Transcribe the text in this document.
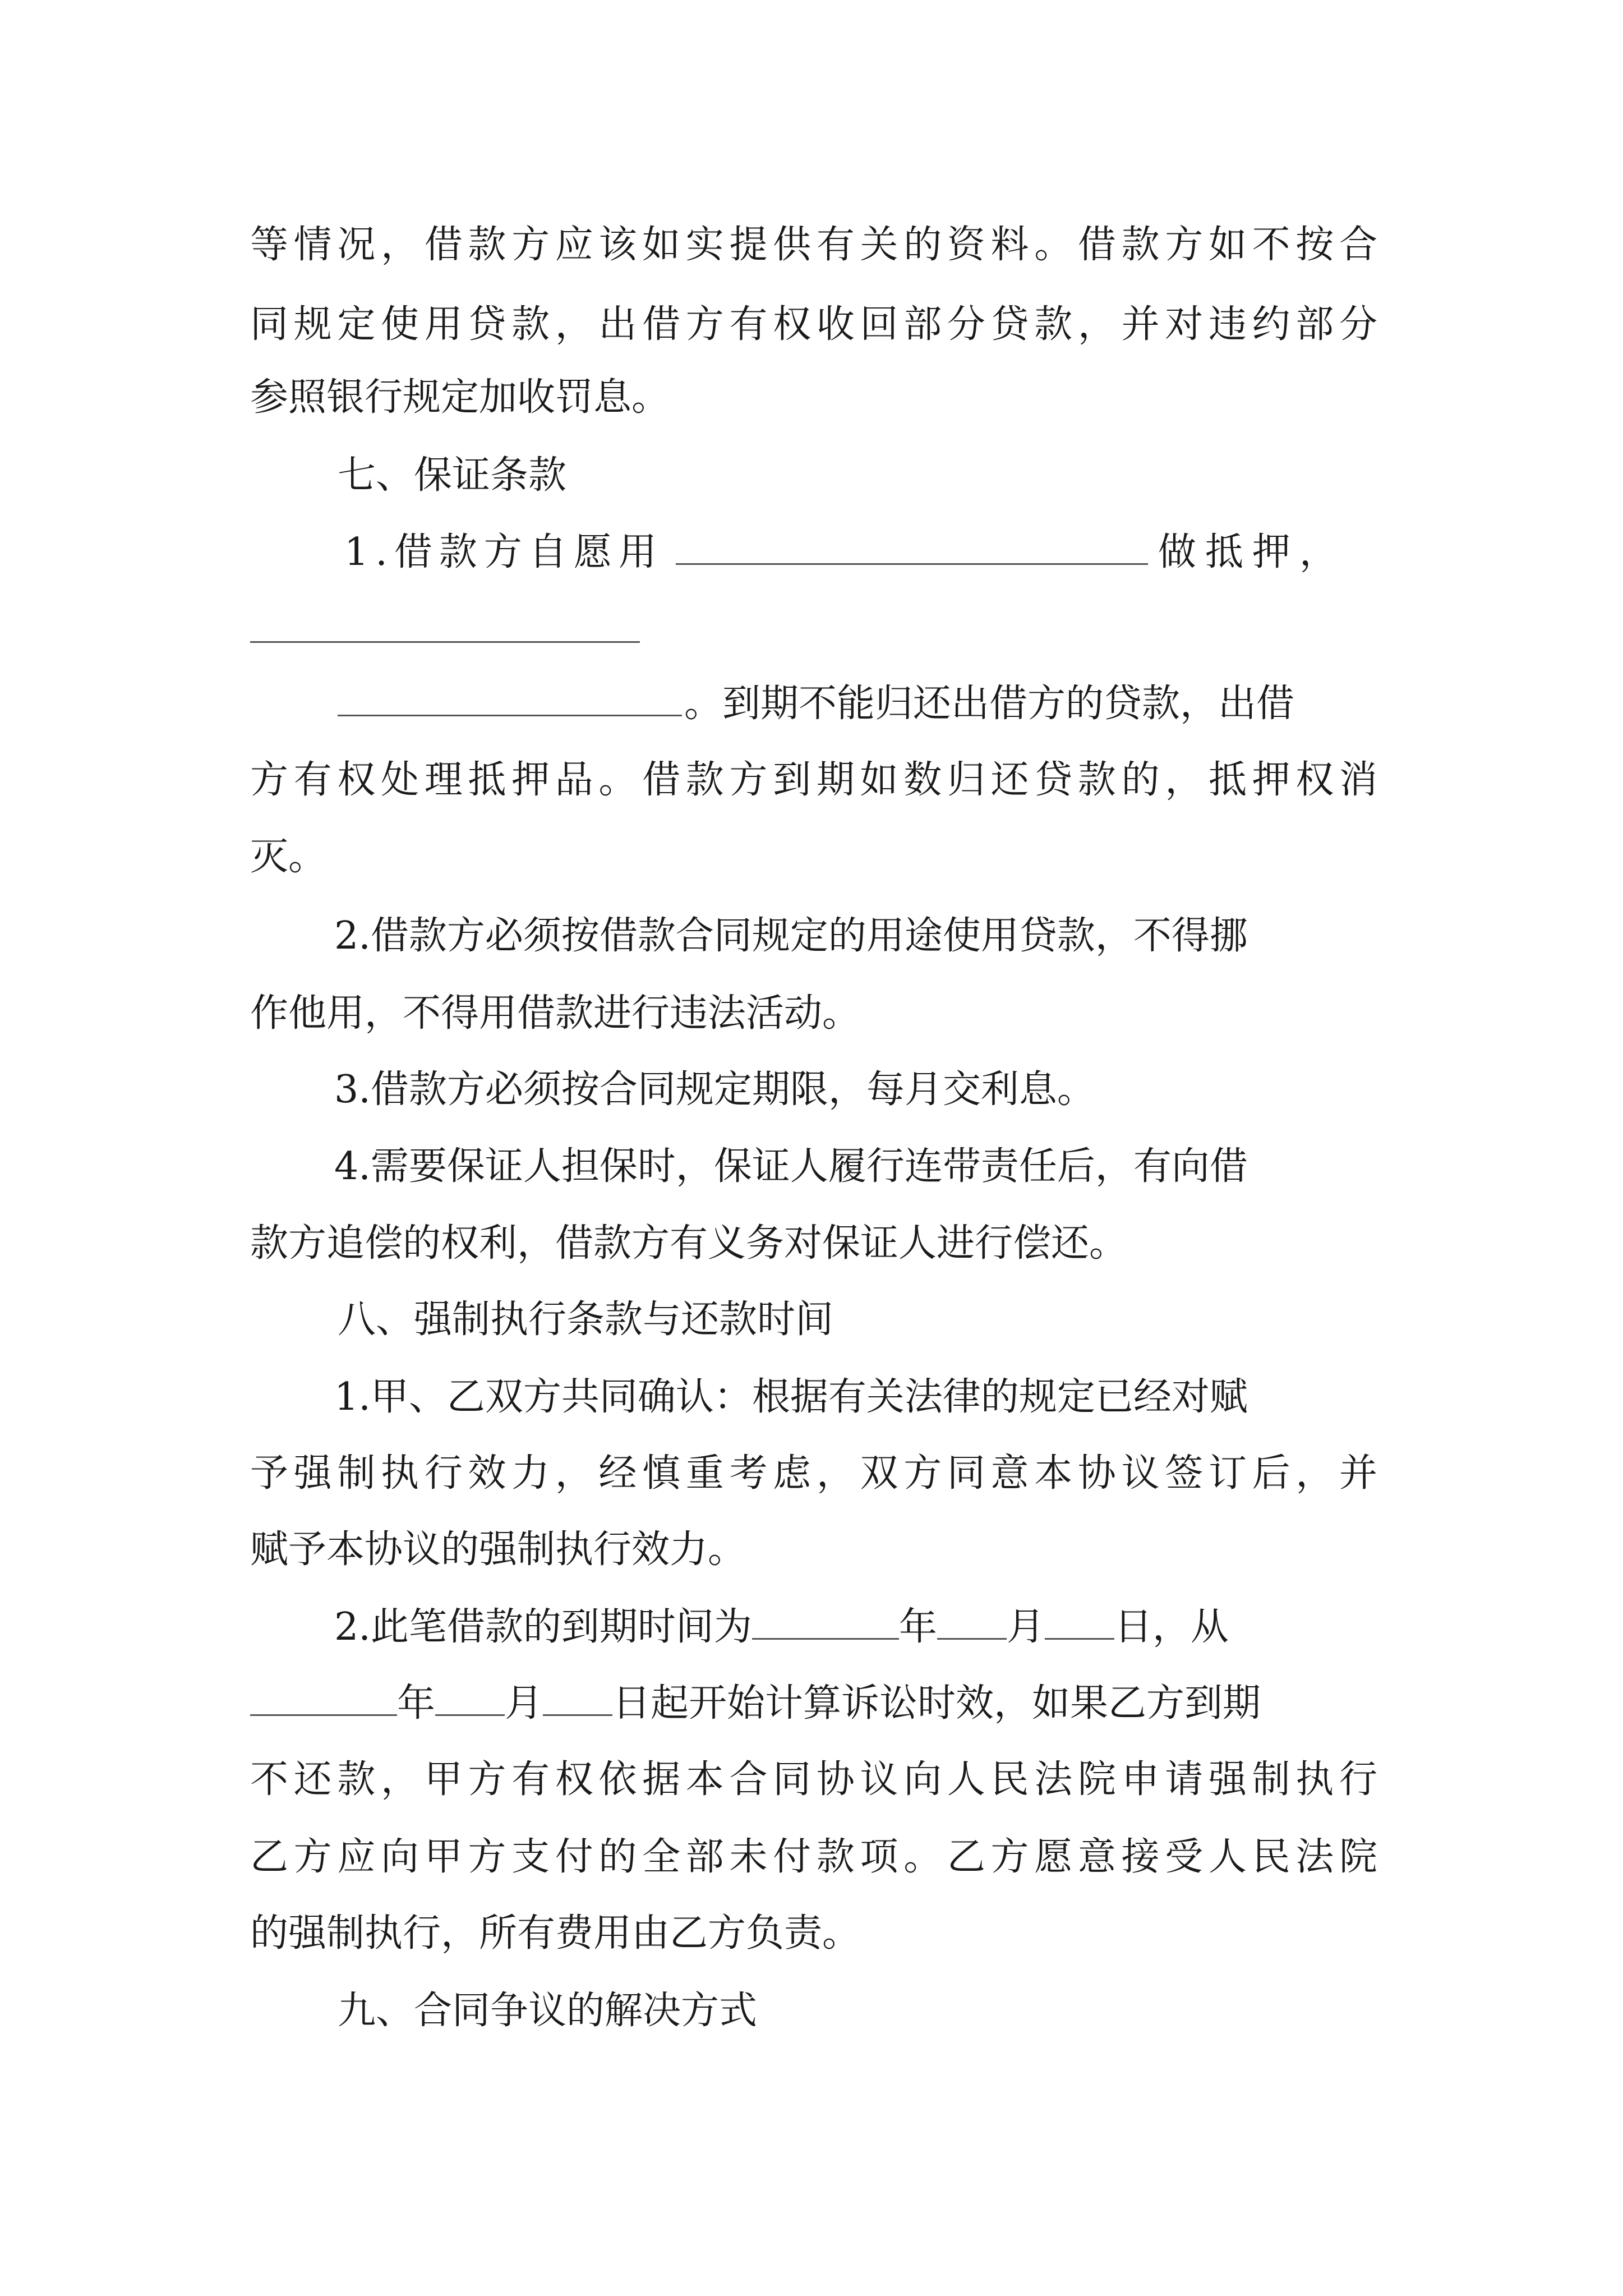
等情况，借款方应该如实提供有关的资料。借款方如不按合
同规定使用贷款，出借方有权收回部分贷款，并对违约部分
参照银行规定加收罚息。
七、保证条款
1.借款方自愿用	做抵押，
。到期不能归还出借方的贷款，出借
方有权处理抵押品。借款方到期如数归还贷款的，抵押权消
灭。
2.借款方必须按借款合同规定的用途使用贷款，不得挪
作他用，不得用借款进行违法活动。
3.借款方必须按合同规定期限，每月交利息。
4.需要保证人担保时，保证人履行连带责任后，有向借
款方追偿的权利，借款方有义务对保证人进行偿还。
八、强制执行条款与还款时间
1.甲、乙双方共同确认：根据有关法律的规定已经对赋
予强制执行效力，经慎重考虑，双方同意本协议签订后，并
赋予本协议的强制执行效力。
2.此笔借款的到期时间为	年 月 日，从
年 月 日起开始计算诉讼时效，如果乙方到期
不还款，甲方有权依据本合同协议向人民法院申请强制执行
乙方应向甲方支付的全部未付款项。乙方愿意接受人民法院
的强制执行，所有费用由乙方负责。
九、合同争议的解决方式
